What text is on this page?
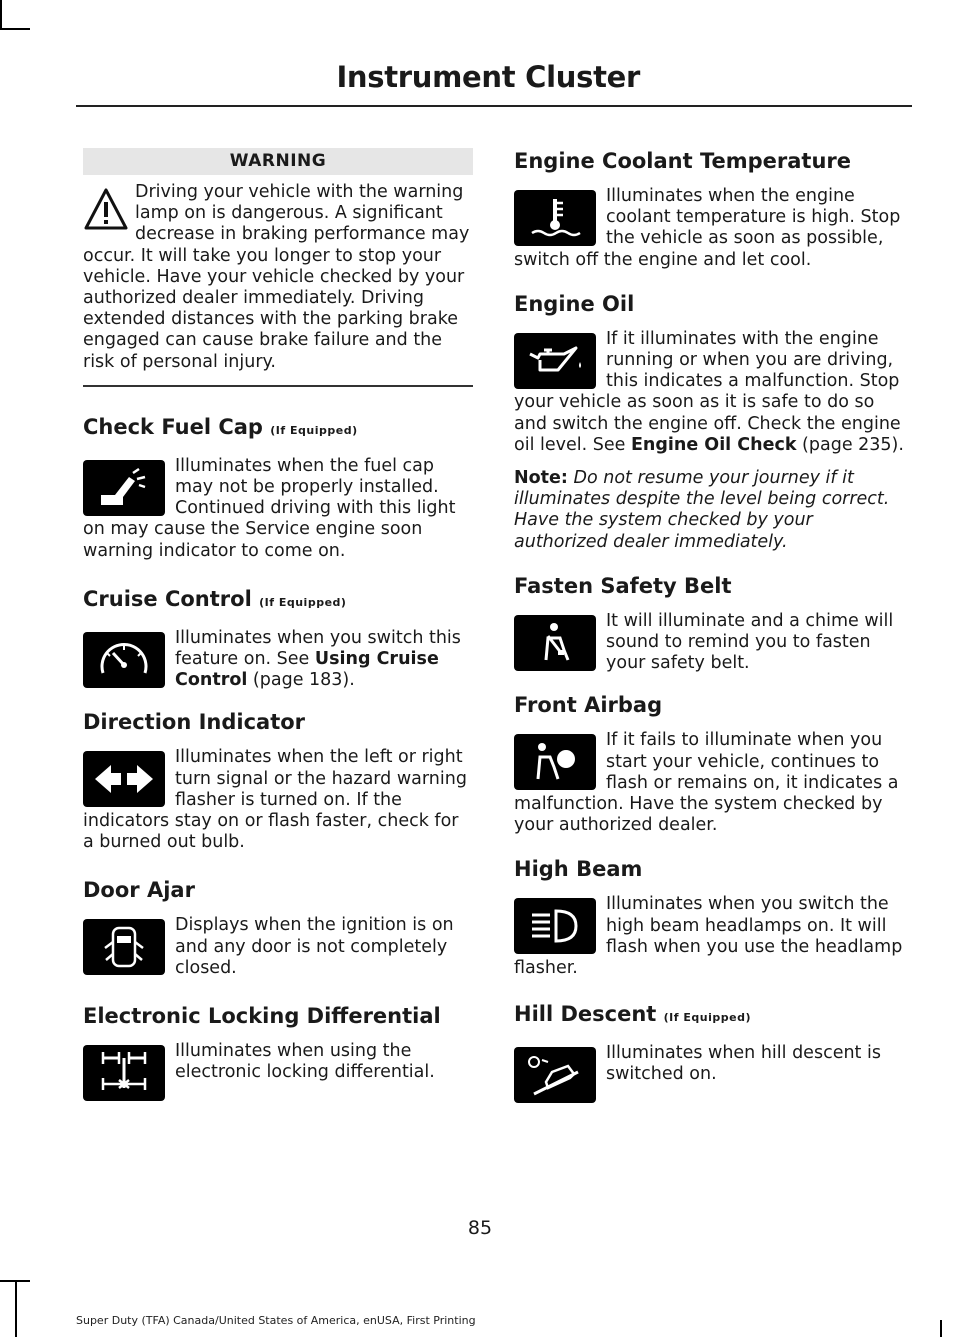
Instrument Cluster
WARNING
Driving your vehicle with the warning lamp on is dangerous. A significant decrease in braking performance may occur. It will take you longer to stop your vehicle. Have your vehicle checked by your authorized dealer immediately. Driving extended distances with the parking brake engaged can cause brake failure and the risk of personal injury.
Check Fuel Cap (If Equipped)
Illuminates when the fuel cap may not be properly installed. Continued driving with this light on may cause the Service engine soon warning indicator to come on.
Cruise Control (If Equipped)
Illuminates when you switch this feature on. See Using Cruise Control (page 183).
Direction Indicator
Illuminates when the left or right turn signal or the hazard warning flasher is turned on. If the indicators stay on or flash faster, check for a burned out bulb.
Door Ajar
Displays when the ignition is on and any door is not completely closed.
Electronic Locking Differential
Illuminates when using the electronic locking differential.
Engine Coolant Temperature
Illuminates when the engine coolant temperature is high. Stop the vehicle as soon as possible, switch off the engine and let cool.
Engine Oil
If it illuminates with the engine running or when you are driving, this indicates a malfunction. Stop your vehicle as soon as it is safe to do so and switch the engine off. Check the engine oil level. See Engine Oil Check (page 235).
Note: Do not resume your journey if it illuminates despite the level being correct. Have the system checked by your authorized dealer immediately.
Fasten Safety Belt
It will illuminate and a chime will sound to remind you to fasten your safety belt.
Front Airbag
If it fails to illuminate when you start your vehicle, continues to flash or remains on, it indicates a malfunction. Have the system checked by your authorized dealer.
High Beam
Illuminates when you switch the high beam headlamps on. It will flash when you use the headlamp flasher.
Hill Descent (If Equipped)
Illuminates when hill descent is switched on.
85
Super Duty (TFA) Canada/United States of America, enUSA, First Printing
